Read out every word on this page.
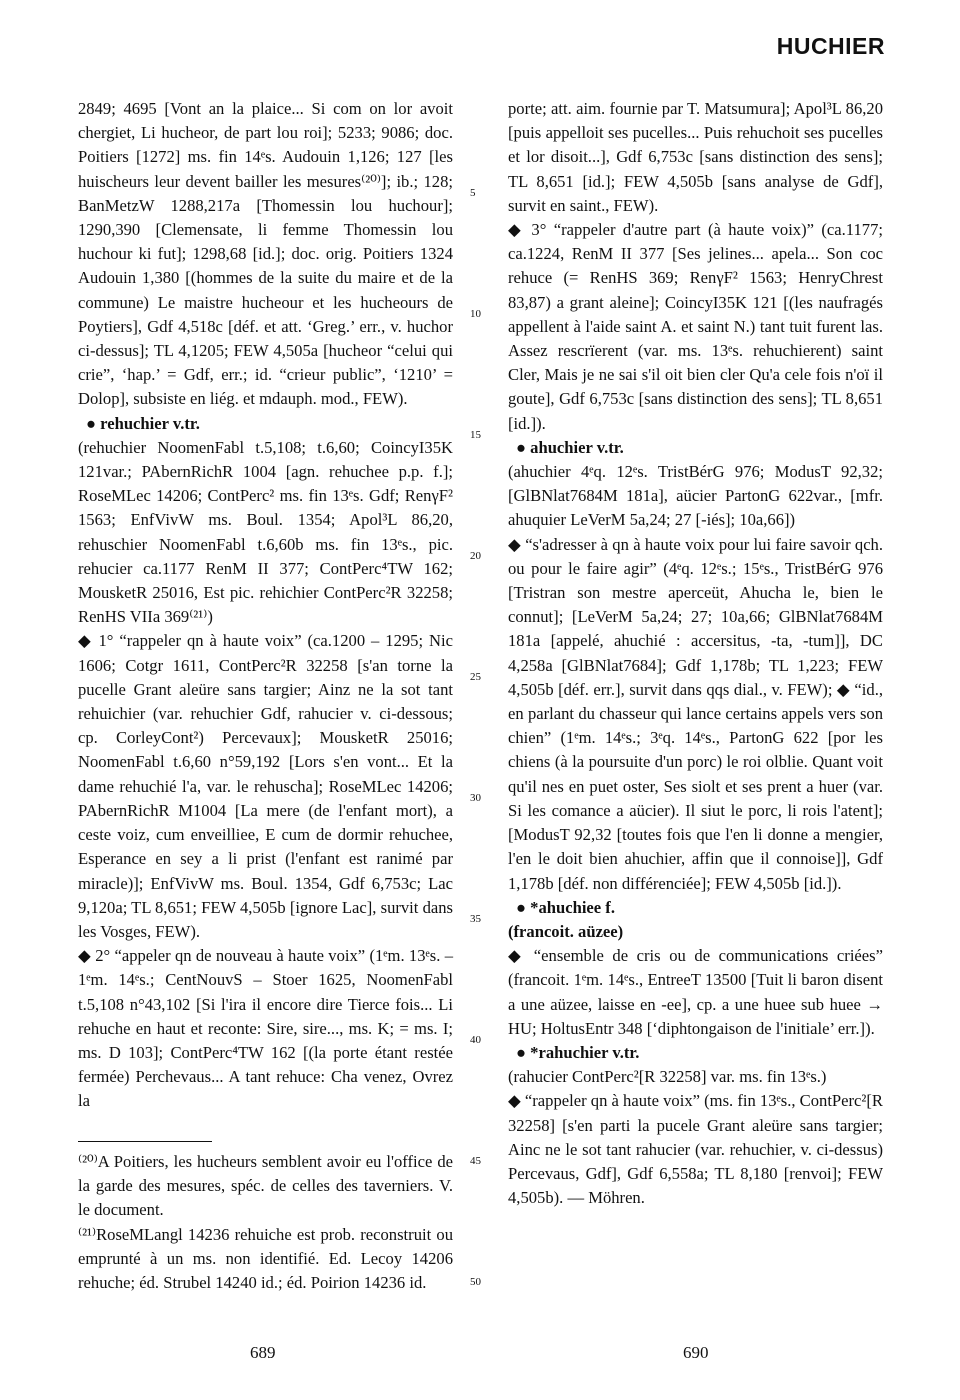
HUCHIER

2849; 4695 [Vont an la plaice... Si com on lor avoit chergiet, Li hucheor, de part lou roi]; 5233; 9086; doc. Poitiers [1272] ms. fin 14ᵉs. Audouin 1,126; 127 [les huischeurs leur devent bailler les mesures⁽²⁰⁾]; ib.; 128; BanMetzW 1288,217a [Thomessin lou huchour]; 1290,390 [Clemensate, li femme Thomessin lou huchour ki fut]; 1298,68 [id.]; doc. orig. Poitiers 1324 Audouin 1,380 [(hommes de la suite du maire et de la commune) Le maistre hucheour et les hucheours de Poytiers], Gdf 4,518c [déf. et att. ‘Greg.’ err., v. huchor ci-dessus]; TL 4,1205; FEW 4,505a [hucheor “celui qui crie”, ‘hap.’ = Gdf, err.; id. “crieur public”, ‘1210’ = Dolop], subsiste en liég. et mdauph. mod., FEW).

● rehuchier v.tr.

(rehuchier NoomenFabl t.5,108; t.6,60; CoincyI35K 121var.; PAbernRichR 1004 [agn. rehuchee p.p. f.]; RoseMLec 14206; ContPerc² ms. fin 13ᵉs. Gdf; RenγF² 1563; EnfVivW ms. Boul. 1354; Apol³L 86,20, rehuschier NoomenFabl t.6,60b ms. fin 13ᵉs., pic. rehucier ca.1177 RenM II 377; ContPerc⁴TW 162; MousketR 25016, Est pic. rehichier ContPerc²R 32258; RenHS VIIa 369⁽²¹⁾)

◆ 1° “rappeler qn à haute voix” (ca.1200 – 1295; Nic 1606; Cotgr 1611, ContPerc²R 32258 [s'an torne la pucelle Grant aleüre sans targier; Ainz ne la sot tant rehuichier (var. rehuchier Gdf, rahucier v. ci-dessous; cp. CorleyCont²) Percevaux]; MousketR 25016; NoomenFabl t.6,60 n°59,192 [Lors s'en vont... Et la dame rehuchié l'a, var. le rehuscha]; RoseMLec 14206; PAbernRichR M1004 [La mere (de l'enfant mort), a ceste voiz, cum enveilliee, E cum de dormir rehuchee, Esperance en sey a li prist (l'enfant est ranimé par miracle)]; EnfVivW ms. Boul. 1354, Gdf 6,753c; Lac 9,120a; TL 8,651; FEW 4,505b [ignore Lac], survit dans les Vosges, FEW).

◆ 2° “appeler qn de nouveau à haute voix” (1ᵉm. 13ᵉs. – 1ᵉm. 14ᵉs.; CentNouvS – Stoer 1625, NoomenFabl t.5,108 n°43,102 [Si l'ira il encore dire Tierce fois... Li rehuche en haut et reconte: Sire, sire..., ms. K; = ms. I; ms. D 103]; ContPerc⁴TW 162 [(la porte étant restée fermée) Perchevaus... A tant rehuce: Cha venez, Ovrez la

5
10
15
20
25
30
35
40
45
50

porte; att. aim. fournie par T. Matsumura]; Apol³L 86,20 [puis appelloit ses pucelles... Puis rehuchoit ses pucelles et lor disoit...], Gdf 6,753c [sans distinction des sens]; TL 8,651 [id.]; FEW 4,505b [sans analyse de Gdf], survit en saint., FEW).

◆ 3° “rappeler d'autre part (à haute voix)” (ca.1177; ca.1224, RenM II 377 [Ses jelines... apela... Son coc rehuce (= RenHS 369; RenγF² 1563; HenryChrest 83,87) a grant aleine]; CoincyI35K 121 [(les naufragés appellent à l'aide saint A. et saint N.) tant tuit furent las. Assez rescrïerent (var. ms. 13ᵉs. rehuchierent) saint Cler, Mais je ne sai s'il oit bien cler Qu'a cele fois n'oï il goute], Gdf 6,753c [sans distinction des sens]; TL 8,651 [id.]).

● ahuchier v.tr.

(ahuchier 4ᵉq. 12ᵉs. TristBérG 976; ModusT 92,32; [GlBNlat7684M 181a], aücier PartonG 622var., [mfr. ahuquier LeVerM 5a,24; 27 [-iés]; 10a,66])

◆ “s'adresser à qn à haute voix pour lui faire savoir qch. ou pour le faire agir” (4ᵉq. 12ᵉs.; 15ᵉs., TristBérG 976 [Tristran son mestre aperceüt, Ahucha le, bien le connut]; [LeVerM 5a,24; 27; 10a,66; GlBNlat7684M 181a [appelé, ahuchié : accersitus, -ta, -tum]], DC 4,258a [GlBNlat7684]; Gdf 1,178b; TL 1,223; FEW 4,505b [déf. err.], survit dans qqs dial., v. FEW); ◆ “id., en parlant du chasseur qui lance certains appels vers son chien” (1ᵉm. 14ᵉs.; 3ᵉq. 14ᵉs., PartonG 622 [por les chiens (à la poursuite d'un porc) le roi olblie. Quant voit qu'il nes en puet oster, Ses siolt et ses prent a huer (var. Si les comance a aücier). Il siut le porc, li rois l'atent]; [ModusT 92,32 [toutes fois que l'en li donne a mengier, l'en le doit bien ahuchier, affin que il connoise]], Gdf 1,178b [déf. non différenciée]; FEW 4,505b [id.]).

● *ahuchiee f.

(francoit. aüzee)

◆ “ensemble de cris ou de communications criées” (francoit. 1ᵉm. 14ᵉs., EntreeT 13500 [Tuit li baron disent a une aüzee, laisse en -ee], cp. a une huee sub huee → HU; HoltusEntr 348 [‘diphtongaison de l'initiale’ err.]).

● *rahuchier v.tr.

(rahucier ContPerc²[R 32258] var. ms. fin 13ᵉs.)

◆ “rappeler qn à haute voix” (ms. fin 13ᵉs., ContPerc²[R 32258] [s'en parti la pucele Grant aleüre sans targier; Ainc ne le sot tant rahucier (var. rehuchier, v. ci-dessus) Percevaus, Gdf], Gdf 6,558a; TL 8,180 [renvoi]; FEW 4,505b). — Möhren.

⁽²⁰⁾A Poitiers, les hucheurs semblent avoir eu l'office de la garde des mesures, spéc. de celles des taverniers. V. le document.

⁽²¹⁾RoseMLangl 14236 rehuiche est prob. reconstruit ou emprunté à un ms. non identifié. Ed. Lecoy 14206 rehuche; éd. Strubel 14240 id.; éd. Poirion 14236 id.

689	690
